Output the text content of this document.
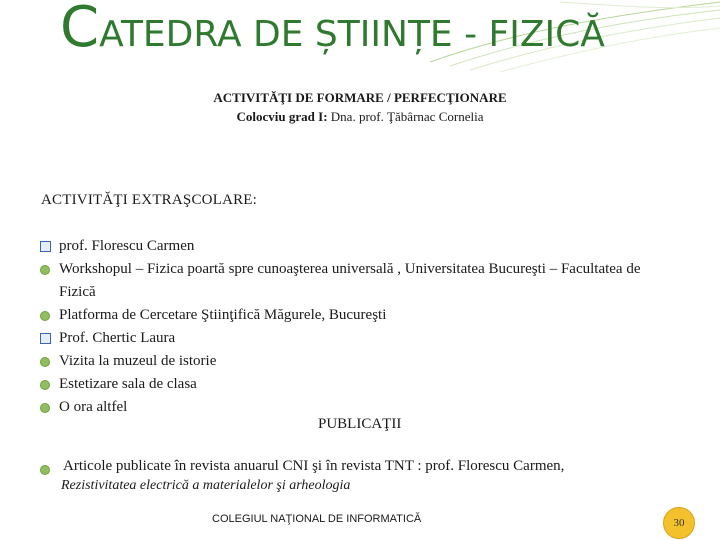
CATEDRA DE ȘTIINȚE - FIZICĂ
ACTIVITĂŢI DE FORMARE / PERFECŢIONARE
Colocviu grad I: Dna. prof. Ţăbârnac Cornelia
ACTIVITĂŢI EXTRAŞCOLARE:
prof. Florescu Carmen
Workshopul – Fizica poartă spre cunoaşterea universală , Universitatea Bucureşti – Facultatea de Fizică
Platforma de Cercetare Ştiinţifică Măgurele, Bucureşti
Prof. Chertic Laura
Vizita la muzeul de istorie
Estetizare sala de clasa
O ora altfel
PUBLICAŢII
Articole publicate în revista anuarul CNI şi în revista TNT : prof. Florescu Carmen,
Rezistivitatea electrică a materialelor şi arheologia
COLEGIUL NAŢIONAL DE INFORMATICĂ	30
